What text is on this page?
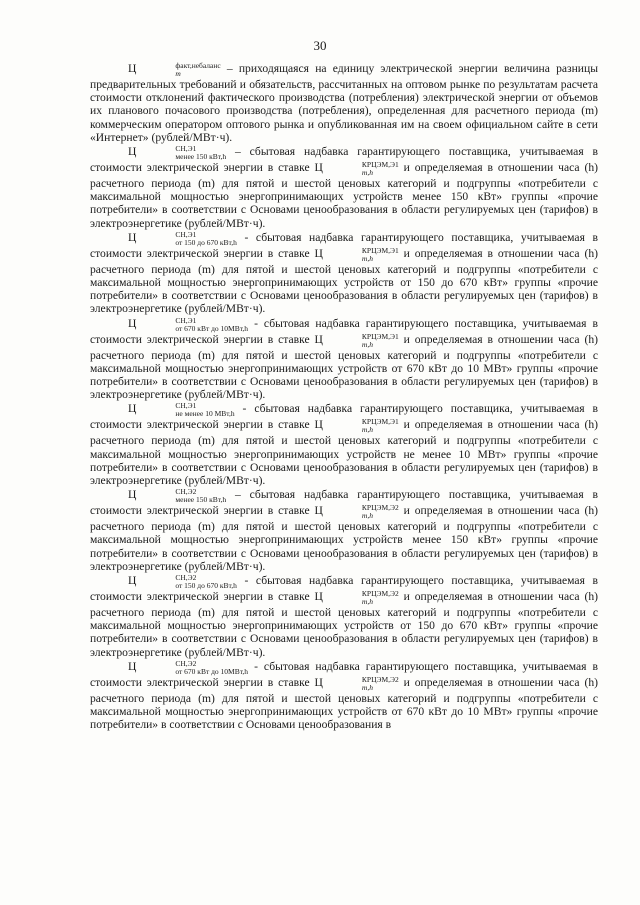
30

Ц	факт,небаланс
m	– приходящаяся на единицу электрической энергии величина разницы предварительных требований и обязательств, рассчитанных на оптовом рынке по результатам расчета стоимости отклонений фактического производства (потребления) электрической энергии от объемов их планового почасового производства (потребления), определенная для расчетного периода (m) коммерческим оператором оптового рынка и опубликованная им на своем официальном сайте в сети «Интернет» (рублей/МВт·ч).

Ц	СН,Э1
менее 150 кВт,h – сбытовая надбавка гарантирующего поставщика, учитываемая в стоимости электрической энергии в ставке Ц	КРЦЭМ,Э1
m,h	и определяемая в отношении часа (h) расчетного периода (m) для пятой и шестой ценовых категорий и подгруппы «потребители с максимальной мощностью энергопринимающих устройств менее 150 кВт» группы «прочие потребители» в соответствии с Основами ценообразования в области регулируемых цен (тарифов) в электроэнергетике (рублей/МВт·ч).

Ц	СН,Э1
от 150 до 670 кВт,h - сбытовая надбавка гарантирующего поставщика, учитываемая в стоимости электрической энергии в ставке Ц	КРЦЭМ,Э1
m,h	и определяемая в отношении часа (h) расчетного периода (m) для пятой и шестой ценовых категорий и подгруппы «потребители с максимальной мощностью энергопринимающих устройств от 150 до 670 кВт» группы «прочие потребители» в соответствии с Основами ценообразования в области регулируемых цен (тарифов) в электроэнергетике (рублей/МВт·ч).

Ц	СН,Э1
от 670 кВт до 10МВт,h - сбытовая надбавка гарантирующего поставщика, учитываемая в стоимости электрической энергии в ставке Ц	КРЦЭМ,Э1
m,h	и определяемая в отношении часа (h) расчетного периода (m) для пятой и шестой ценовых категорий и подгруппы «потребители с максимальной мощностью энергопринимающих устройств от 670 кВт до 10 МВт» группы «прочие потребители» в соответствии с Основами ценообразования в области регулируемых цен (тарифов) в электроэнергетике (рублей/МВт·ч).

Ц	СН,Э1
не менее 10 МВт,h - сбытовая надбавка гарантирующего поставщика, учитываемая в стоимости электрической энергии в ставке Ц	КРЦЭМ,Э1
m,h	и определяемая в отношении часа (h) расчетного периода (m) для пятой и шестой ценовых категорий и подгруппы «потребители с максимальной мощностью энергопринимающих устройств не менее 10 МВт» группы «прочие потребители» в соответствии с Основами ценообразования в области регулируемых цен (тарифов) в электроэнергетике (рублей/МВт·ч).

Ц	СН,Э2
менее 150 кВт,h – сбытовая надбавка гарантирующего поставщика, учитываемая в стоимости электрической энергии в ставке Ц	КРЦЭМ,Э2
m,h	и определяемая в отношении часа (h) расчетного периода (m) для пятой и шестой ценовых категорий и подгруппы «потребители с максимальной мощностью энергопринимающих устройств менее 150 кВт» группы «прочие потребители» в соответствии с Основами ценообразования в области регулируемых цен (тарифов) в электроэнергетике (рублей/МВт·ч).

Ц	СН,Э2
от 150 до 670 кВт,h - сбытовая надбавка гарантирующего поставщика, учитываемая в стоимости электрической энергии в ставке Ц	КРЦЭМ,Э2
m,h	и определяемая в отношении часа (h) расчетного периода (m) для пятой и шестой ценовых категорий и подгруппы «потребители с максимальной мощностью энергопринимающих устройств от 150 до 670 кВт» группы «прочие потребители» в соответствии с Основами ценообразования в области регулируемых цен (тарифов) в электроэнергетике (рублей/МВт·ч).

Ц	СН,Э2
от 670 кВт до 10МВт,h - сбытовая надбавка гарантирующего поставщика, учитываемая в стоимости электрической энергии в ставке Ц	КРЦЭМ,Э2
m,h	и определяемая в отношении часа (h) расчетного периода (m) для пятой и шестой ценовых категорий и подгруппы «потребители с максимальной мощностью энергопринимающих устройств от 670 кВт до 10 МВт» группы «прочие потребители» в соответствии с Основами ценообразования в
